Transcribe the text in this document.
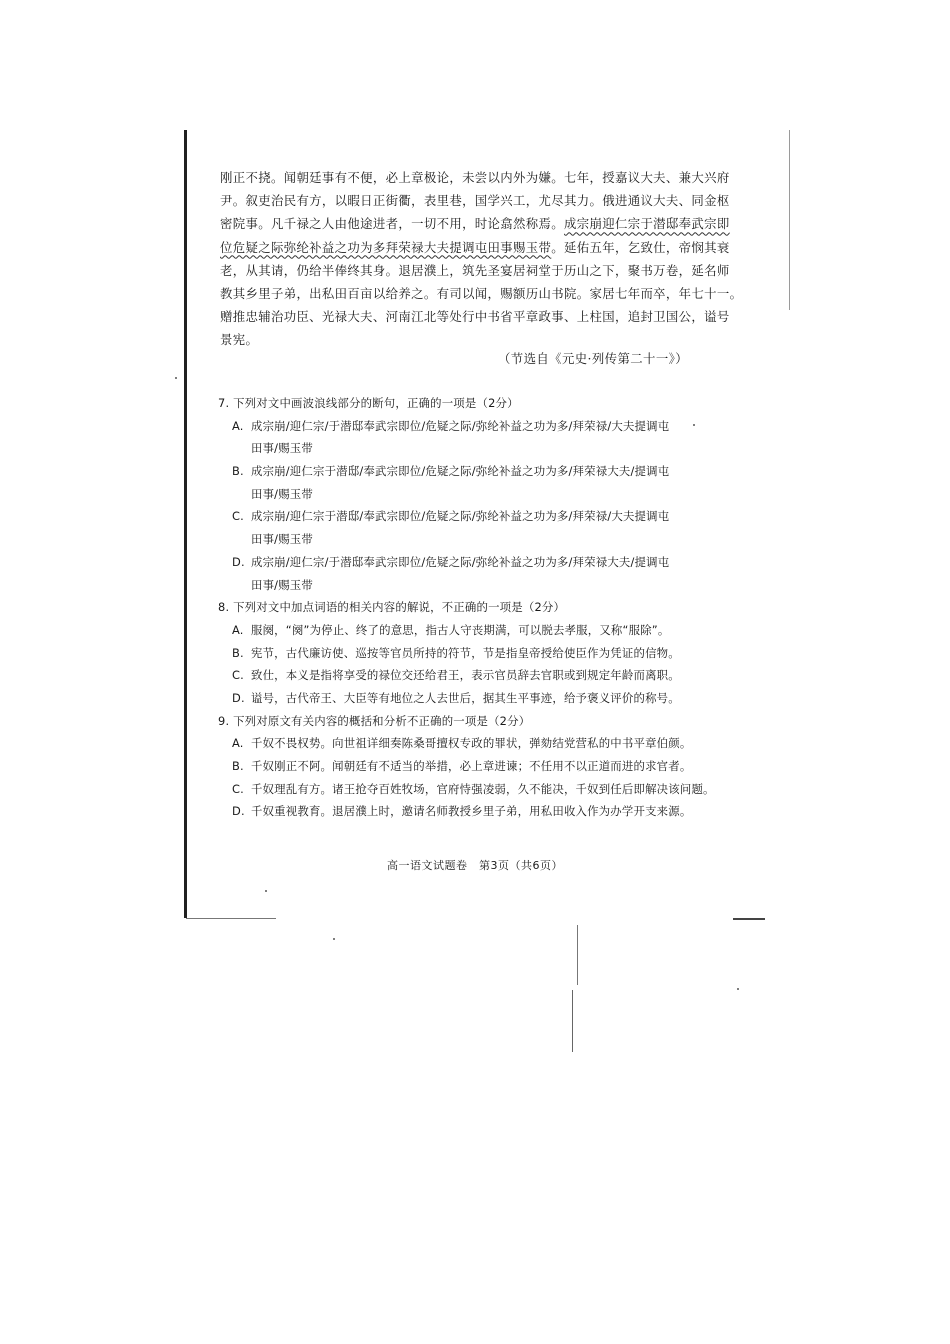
刚正不挠。闻朝廷事有不便，必上章极论，未尝以内外为嫌。七年，授嘉议大夫、兼大兴府
尹。叙吏治民有方，以暇日正街衢，表里巷，国学兴工，尤尽其力。俄进通议大夫、同金枢
密院事。凡千禄之人由他途进者，一切不用，时论翕然称焉。成宗崩迎仁宗于潜邸奉武宗即
位危疑之际弥纶补益之功为多拜荣禄大夫提调屯田事赐玉带。延佑五年，乞致仕，帝悯其衰
老，从其请，仍给半俸终其身。退居濮上，筑先圣宴居祠堂于历山之下，聚书万卷，延名师
教其乡里子弟，出私田百亩以给养之。有司以闻，赐额历山书院。家居七年而卒，年七十一。
赠推忠辅治功臣、光禄大夫、河南江北等处行中书省平章政事、上柱国，追封卫国公，谥号
景宪。
（节选自《元史·列传第二十一》）
7. 下列对文中画波浪线部分的断句，正确的一项是（2分）
A. 成宗崩/迎仁宗/于潜邸奉武宗即位/危疑之际/弥纶补益之功为多/拜荣禄/大夫提调屯
田事/赐玉带
B. 成宗崩/迎仁宗于潜邸/奉武宗即位/危疑之际/弥纶补益之功为多/拜荣禄大夫/提调屯
田事/赐玉带
C. 成宗崩/迎仁宗于潜邸/奉武宗即位/危疑之际/弥纶补益之功为多/拜荣禄/大夫提调屯
田事/赐玉带
D. 成宗崩/迎仁宗/于潜邸奉武宗即位/危疑之际/弥纶补益之功为多/拜荣禄大夫/提调屯
田事/赐玉带
8. 下列对文中加点词语的相关内容的解说，不正确的一项是（2分）
A. 服阕，“阕”为停止、终了的意思，指古人守丧期满，可以脱去孝服，又称“服除”。
B. 宪节，古代廉访使、巡按等官员所持的符节，节是指皇帝授给使臣作为凭证的信物。
C. 致仕，本义是指将享受的禄位交还给君王，表示官员辞去官职或到规定年龄而离职。
D. 谥号，古代帝王、大臣等有地位之人去世后，据其生平事迹，给予褒义评价的称号。
9. 下列对原文有关内容的概括和分析不正确的一项是（2分）
A. 千奴不畏权势。向世祖详细奏陈桑哥擅权专政的罪状，弹劾结党营私的中书平章伯颜。
B. 千奴刚正不阿。闻朝廷有不适当的举措，必上章进谏；不任用不以正道而进的求官者。
C. 千奴理乱有方。诸王抢夺百姓牧场，官府恃强凌弱，久不能决，千奴到任后即解决该问题。
D. 千奴重视教育。退居濮上时，邀请名师教授乡里子弟，用私田收入作为办学开支来源。
高一语文试题卷　第3页（共6页）
